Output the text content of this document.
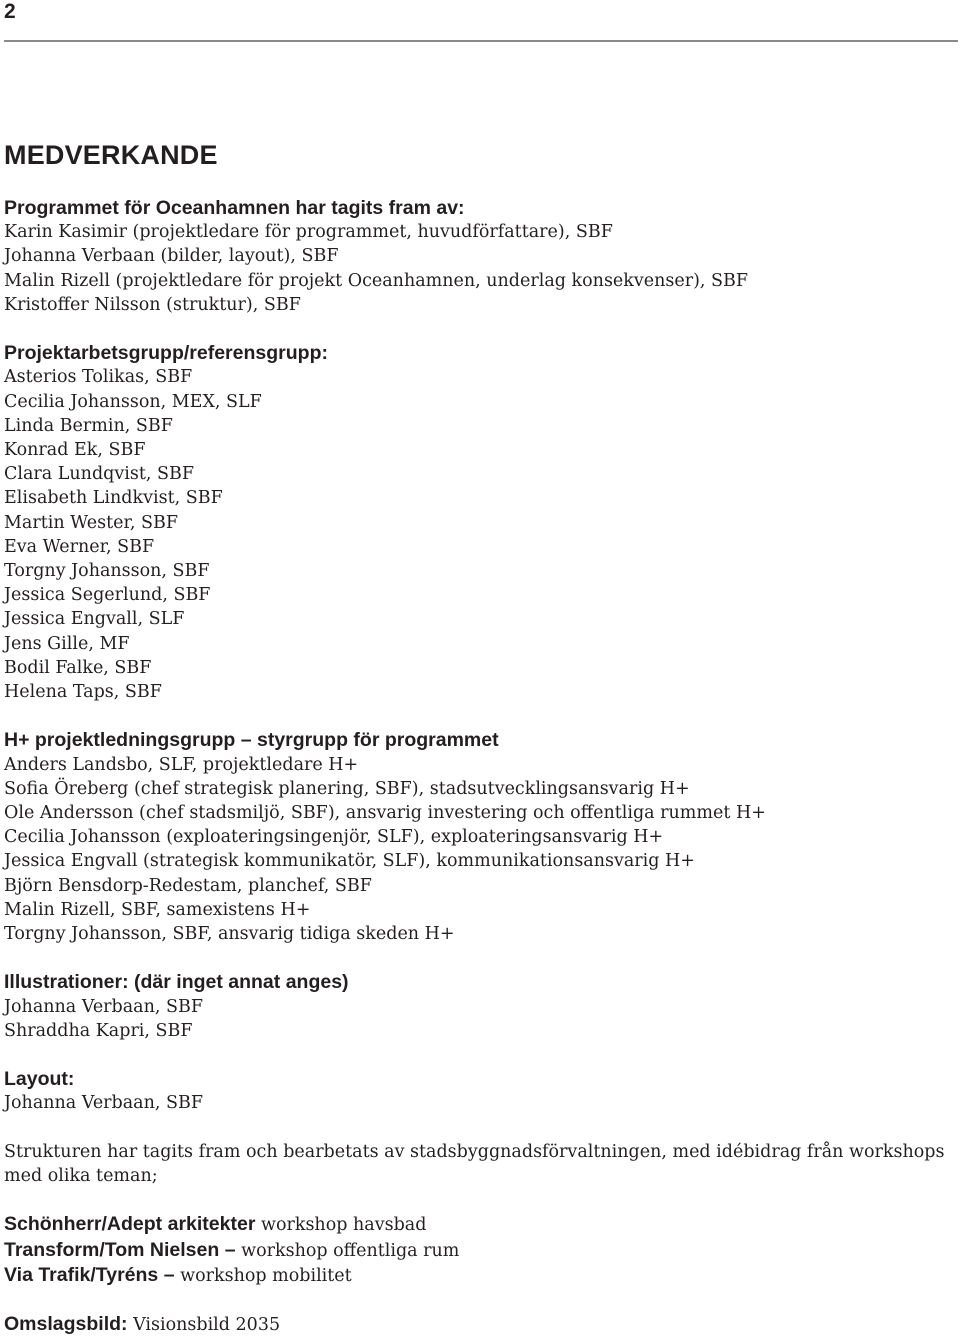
2
MEDVERKANDE
Programmet för Oceanhamnen har tagits fram av:
Karin Kasimir (projektledare för programmet, huvudförfattare), SBF
Johanna Verbaan (bilder, layout), SBF
Malin Rizell (projektledare för projekt Oceanhamnen, underlag konsekvenser), SBF
Kristoffer Nilsson (struktur), SBF
Projektarbetsgrupp/referensgrupp:
Asterios Tolikas, SBF
Cecilia Johansson, MEX, SLF
Linda Bermin, SBF
Konrad Ek, SBF
Clara Lundqvist, SBF
Elisabeth Lindkvist, SBF
Martin Wester, SBF
Eva Werner, SBF
Torgny Johansson, SBF
Jessica Segerlund, SBF
Jessica Engvall, SLF
Jens Gille, MF
Bodil Falke, SBF
Helena Taps, SBF
H+ projektledningsgrupp – styrgrupp för programmet
Anders Landsbo, SLF, projektledare H+
Sofia Öreberg (chef strategisk planering, SBF), stadsutvecklingsansvarig H+
Ole Andersson (chef stadsmiljö, SBF), ansvarig investering och offentliga rummet H+
Cecilia Johansson (exploateringsingenjör, SLF), exploateringsansvarig H+
Jessica Engvall (strategisk kommunikatör, SLF), kommunikationsansvarig H+
Björn Bensdorp-Redestam, planchef, SBF
Malin Rizell, SBF, samexistens H+
Torgny Johansson, SBF, ansvarig tidiga skeden H+
Illustrationer: (där inget annat anges)
Johanna Verbaan, SBF
Shraddha Kapri, SBF
Layout:
Johanna Verbaan, SBF
Strukturen har tagits fram och bearbetats av stadsbyggnadsförvaltningen, med idébidrag från workshops med olika teman;
Schönherr/Adept arkitekter workshop havsbad
Transform/Tom Nielsen – workshop offentliga rum
Via Trafik/Tyréns – workshop mobilitet
Omslagsbild: Visionsbild 2035
